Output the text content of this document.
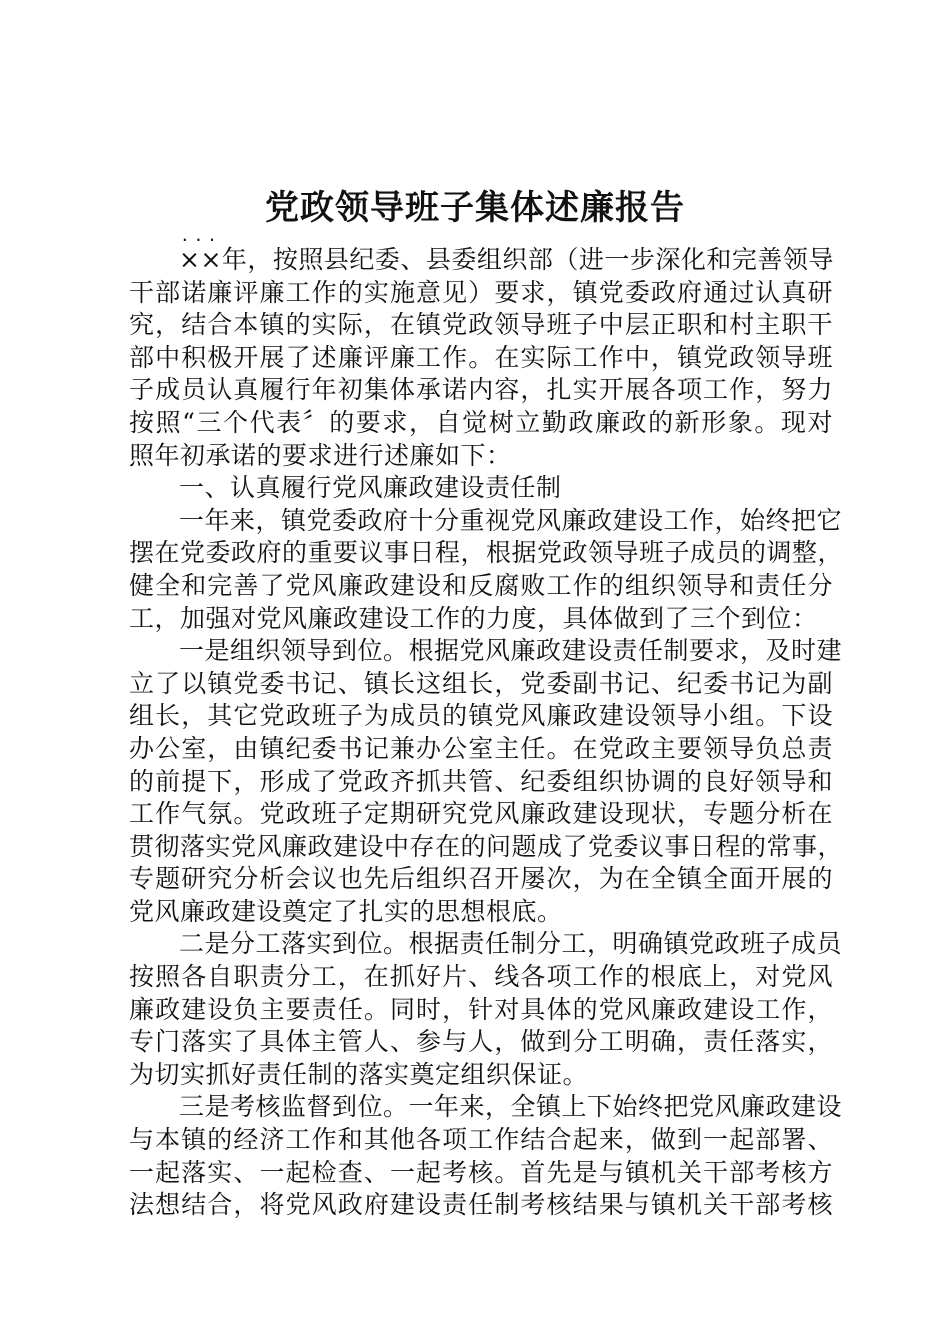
党政领导班子集体述廉报告
...
××年，按照县纪委、县委组织部（进一步深化和完善领导
干部诺廉评廉工作的实施意见）要求，镇党委政府通过认真研
究，结合本镇的实际，在镇党政领导班子中层正职和村主职干
部中积极开展了述廉评廉工作。在实际工作中，镇党政领导班
子成员认真履行年初集体承诺内容，扎实开展各项工作，努力
按照“三个代表〞的要求，自觉树立勤政廉政的新形象。现对
照年初承诺的要求进行述廉如下：
一、认真履行党风廉政建设责任制
一年来，镇党委政府十分重视党风廉政建设工作，始终把它
摆在党委政府的重要议事日程，根据党政领导班子成员的调整，
健全和完善了党风廉政建设和反腐败工作的组织领导和责任分
工，加强对党风廉政建设工作的力度，具体做到了三个到位：
一是组织领导到位。根据党风廉政建设责任制要求，及时建
立了以镇党委书记、镇长这组长，党委副书记、纪委书记为副
组长，其它党政班子为成员的镇党风廉政建设领导小组。下设
办公室，由镇纪委书记兼办公室主任。在党政主要领导负总责
的前提下，形成了党政齐抓共管、纪委组织协调的良好领导和
工作气氛。党政班子定期研究党风廉政建设现状，专题分析在
贯彻落实党风廉政建设中存在的问题成了党委议事日程的常事，
专题研究分析会议也先后组织召开屡次，为在全镇全面开展的
党风廉政建设奠定了扎实的思想根底。
二是分工落实到位。根据责任制分工，明确镇党政班子成员
按照各自职责分工，在抓好片、线各项工作的根底上，对党风
廉政建设负主要责任。同时，针对具体的党风廉政建设工作，
专门落实了具体主管人、参与人，做到分工明确，责任落实，
为切实抓好责任制的落实奠定组织保证。
三是考核监督到位。一年来，全镇上下始终把党风廉政建设
与本镇的经济工作和其他各项工作结合起来，做到一起部署、
一起落实、一起检查、一起考核。首先是与镇机关干部考核方
法想结合，将党风政府建设责任制考核结果与镇机关干部考核
